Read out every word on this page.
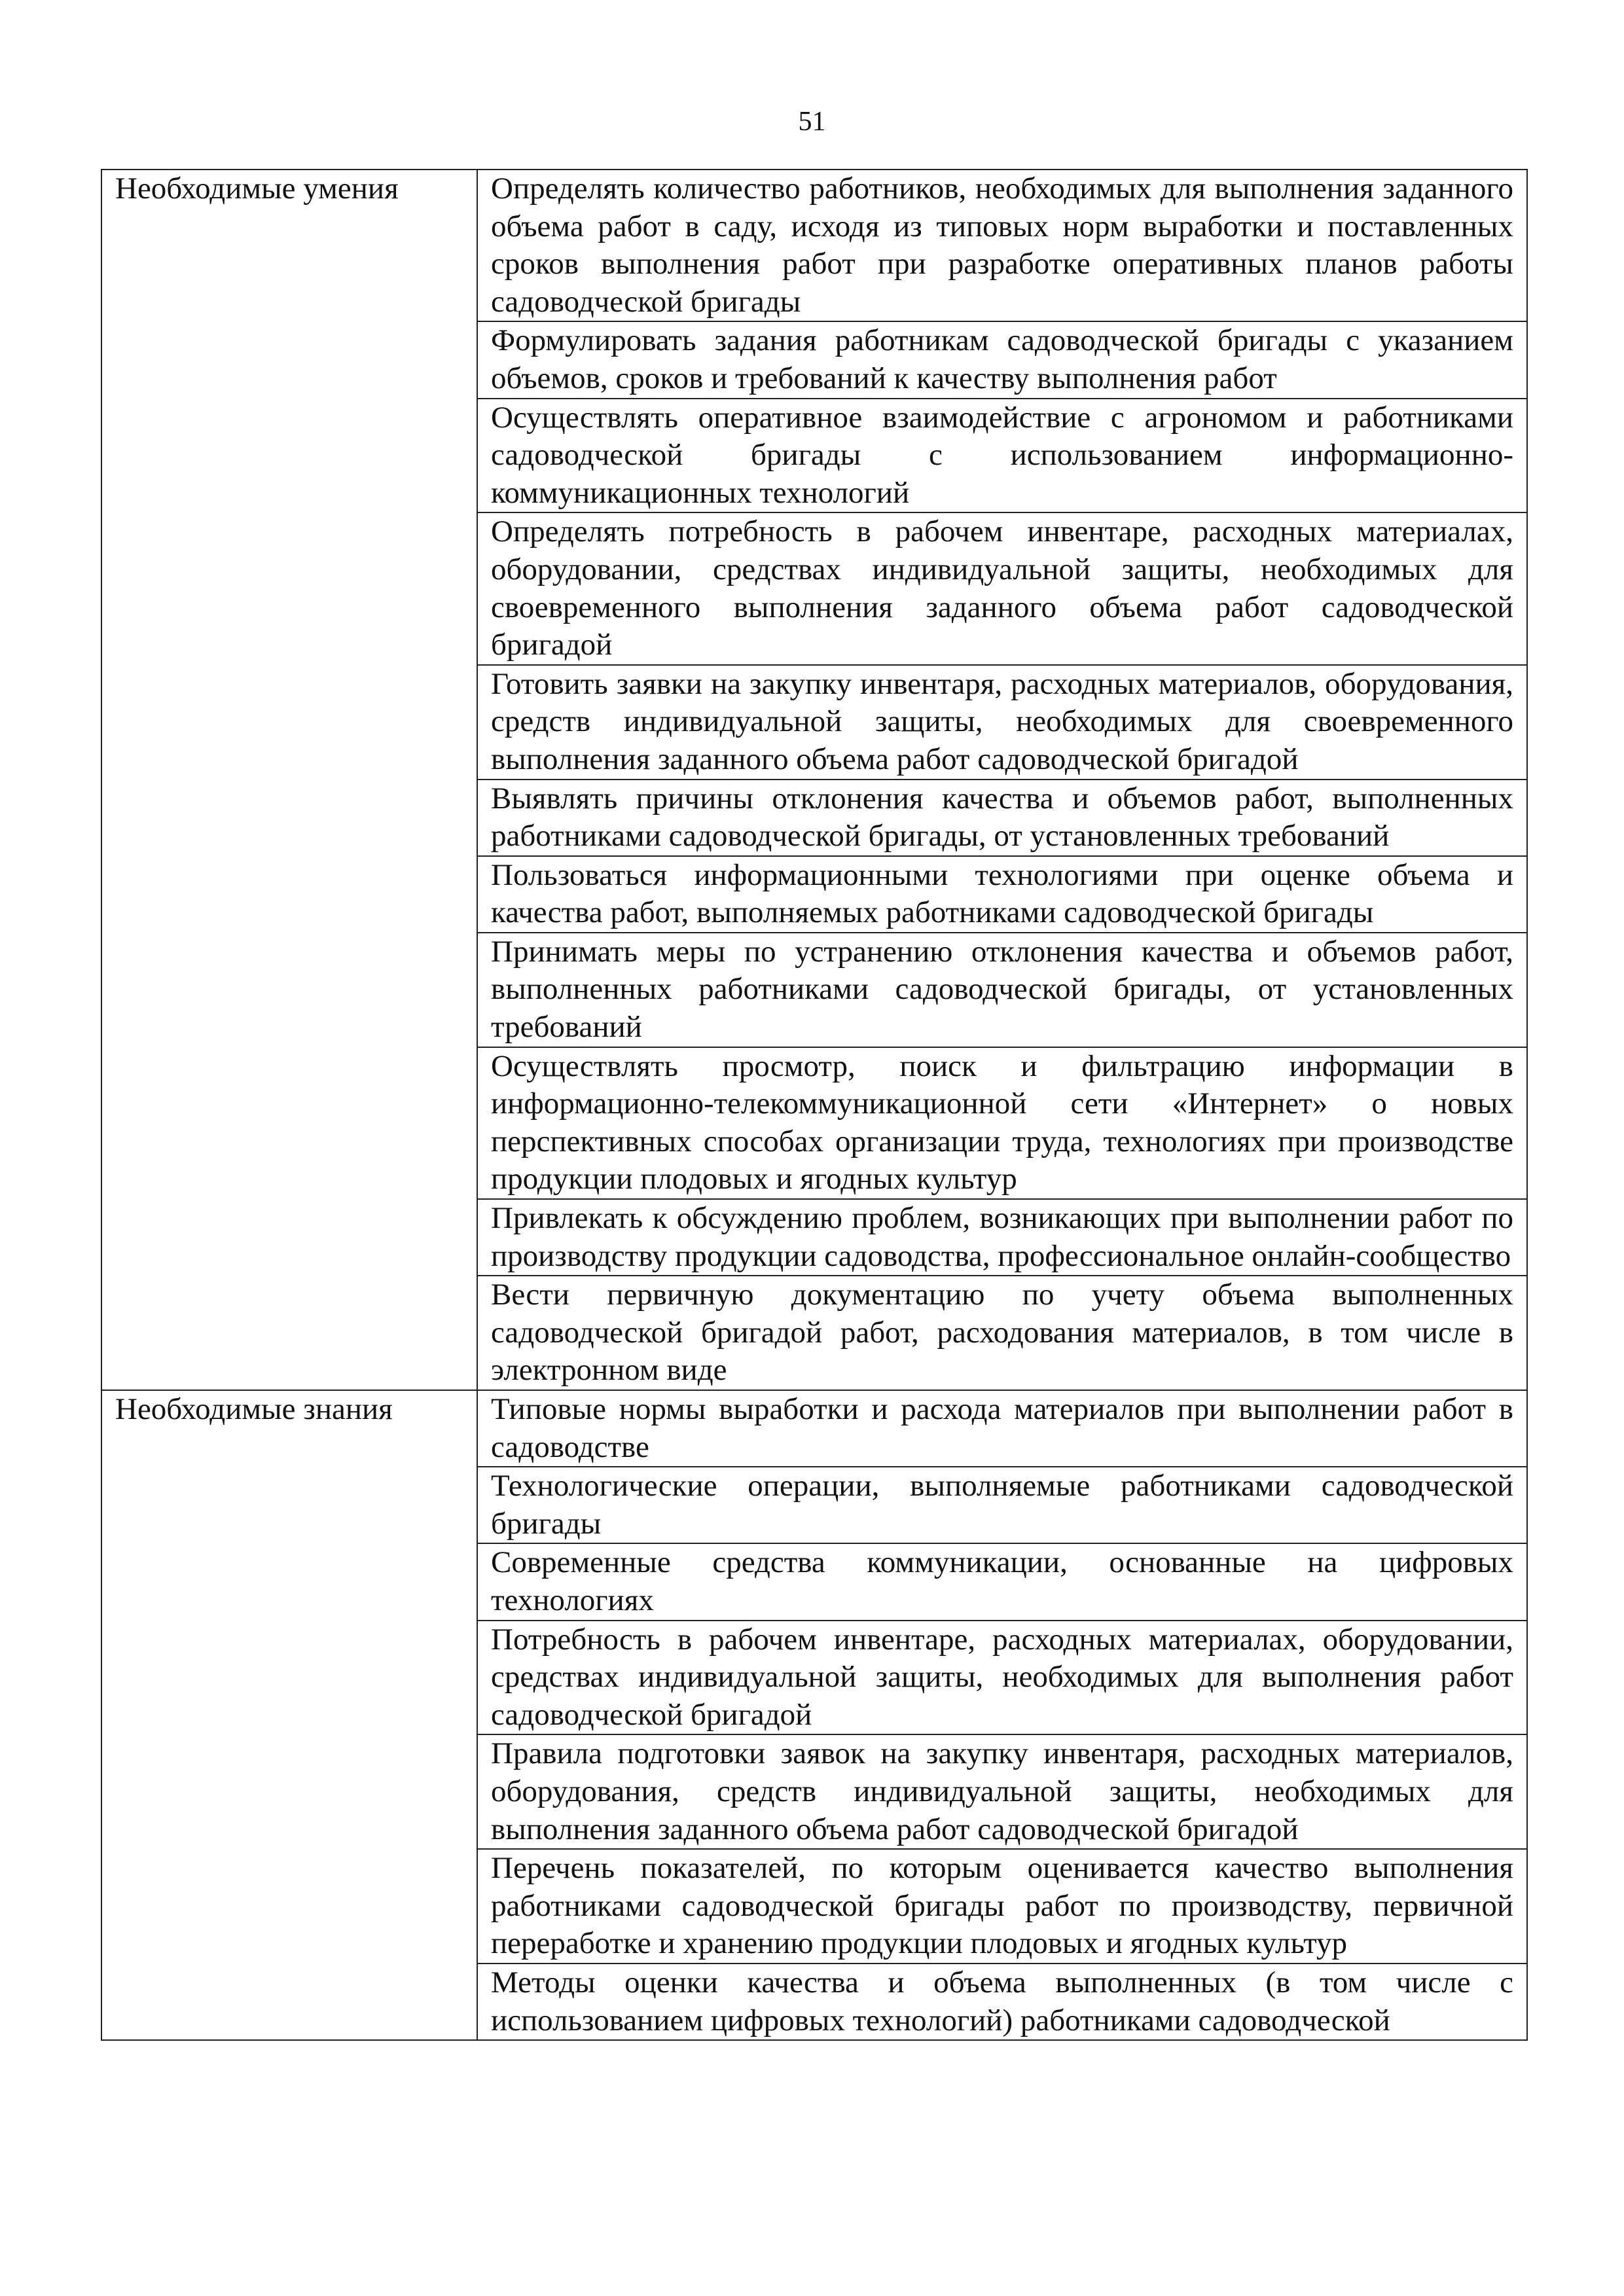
51
Необходимые умения	Определять количество работников, необходимых для выполнения заданного объема работ в саду, исходя из типовых норм выработки и поставленных сроков выполнения работ при разработке оперативных планов работы садоводческой бригады
	Формулировать задания работникам садоводческой бригады с указанием объемов, сроков и требований к качеству выполнения работ
	Осуществлять оперативное взаимодействие с агрономом и работниками садоводческой бригады с использованием информационно-коммуникационных технологий
	Определять потребность в рабочем инвентаре, расходных материалах, оборудовании, средствах индивидуальной защиты, необходимых для своевременного выполнения заданного объема работ садоводческой бригадой
	Готовить заявки на закупку инвентаря, расходных материалов, оборудования, средств индивидуальной защиты, необходимых для своевременного выполнения заданного объема работ садоводческой бригадой
	Выявлять причины отклонения качества и объемов работ, выполненных работниками садоводческой бригады, от установленных требований
	Пользоваться информационными технологиями при оценке объема и качества работ, выполняемых работниками садоводческой бригады
	Принимать меры по устранению отклонения качества и объемов работ, выполненных работниками садоводческой бригады, от установленных требований
	Осуществлять просмотр, поиск и фильтрацию информации в информационно-телекоммуникационной сети «Интернет» о новых перспективных способах организации труда, технологиях при производстве продукции плодовых и ягодных культур
	Привлекать к обсуждению проблем, возникающих при выполнении работ по производству продукции садоводства, профессиональное онлайн-сообщество
	Вести первичную документацию по учету объема выполненных садоводческой бригадой работ, расходования материалов, в том числе в электронном виде
Необходимые знания	Типовые нормы выработки и расхода материалов при выполнении работ в садоводстве
	Технологические операции, выполняемые работниками садоводческой бригады
	Современные средства коммуникации, основанные на цифровых технологиях
	Потребность в рабочем инвентаре, расходных материалах, оборудовании, средствах индивидуальной защиты, необходимых для выполнения работ садоводческой бригадой
	Правила подготовки заявок на закупку инвентаря, расходных материалов, оборудования, средств индивидуальной защиты, необходимых для выполнения заданного объема работ садоводческой бригадой
	Перечень показателей, по которым оценивается качество выполнения работниками садоводческой бригады работ по производству, первичной переработке и хранению продукции плодовых и ягодных культур
	Методы оценки качества и объема выполненных (в том числе с использованием цифровых технологий) работниками садоводческой
